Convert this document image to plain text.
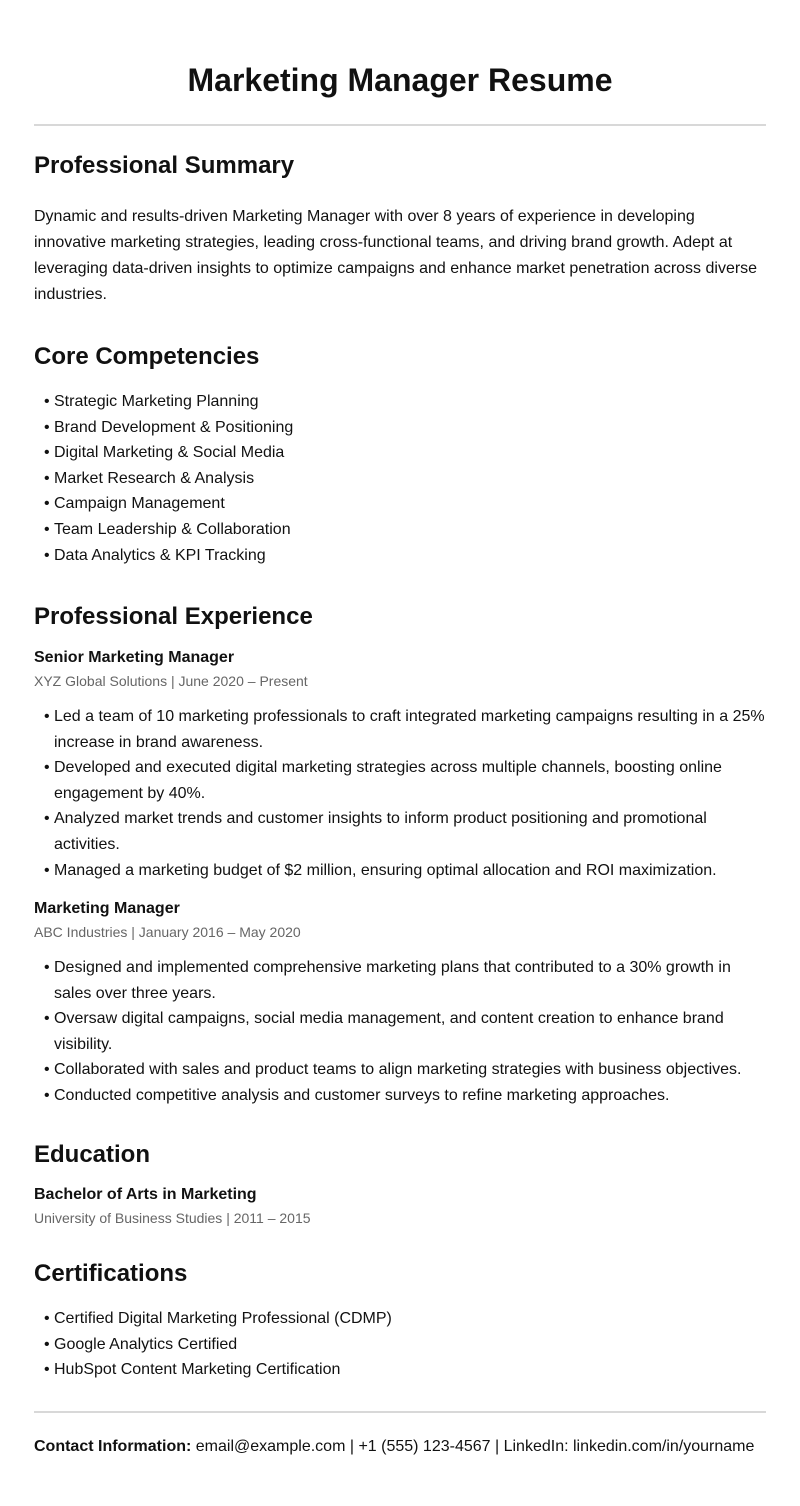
Marketing Manager Resume
Professional Summary

Dynamic and results-driven Marketing Manager with over 8 years of experience in developing innovative marketing strategies, leading cross-functional teams, and driving brand growth. Adept at leveraging data-driven insights to optimize campaigns and enhance market penetration across diverse industries.

Core Competencies
• Strategic Marketing Planning
• Brand Development & Positioning
• Digital Marketing & Social Media
• Market Research & Analysis
• Campaign Management
• Team Leadership & Collaboration
• Data Analytics & KPI Tracking
Professional Experience
Senior Marketing Manager
XYZ Global Solutions | June 2020 – Present
• Led a team of 10 marketing professionals to craft integrated marketing campaigns resulting in a 25% increase in brand awareness.
• Developed and executed digital marketing strategies across multiple channels, boosting online engagement by 40%.
• Analyzed market trends and customer insights to inform product positioning and promotional activities.
• Managed a marketing budget of $2 million, ensuring optimal allocation and ROI maximization.
Marketing Manager
ABC Industries | January 2016 – May 2020
• Designed and implemented comprehensive marketing plans that contributed to a 30% growth in sales over three years.
• Oversaw digital campaigns, social media management, and content creation to enhance brand visibility.
• Collaborated with sales and product teams to align marketing strategies with business objectives.
• Conducted competitive analysis and customer surveys to refine marketing approaches.
Education
Bachelor of Arts in Marketing
University of Business Studies | 2011 – 2015
Certifications
• Certified Digital Marketing Professional (CDMP)
• Google Analytics Certified
• HubSpot Content Marketing Certification
Contact Information: email@example.com | +1 (555) 123-4567 | LinkedIn: linkedin.com/in/yourname
